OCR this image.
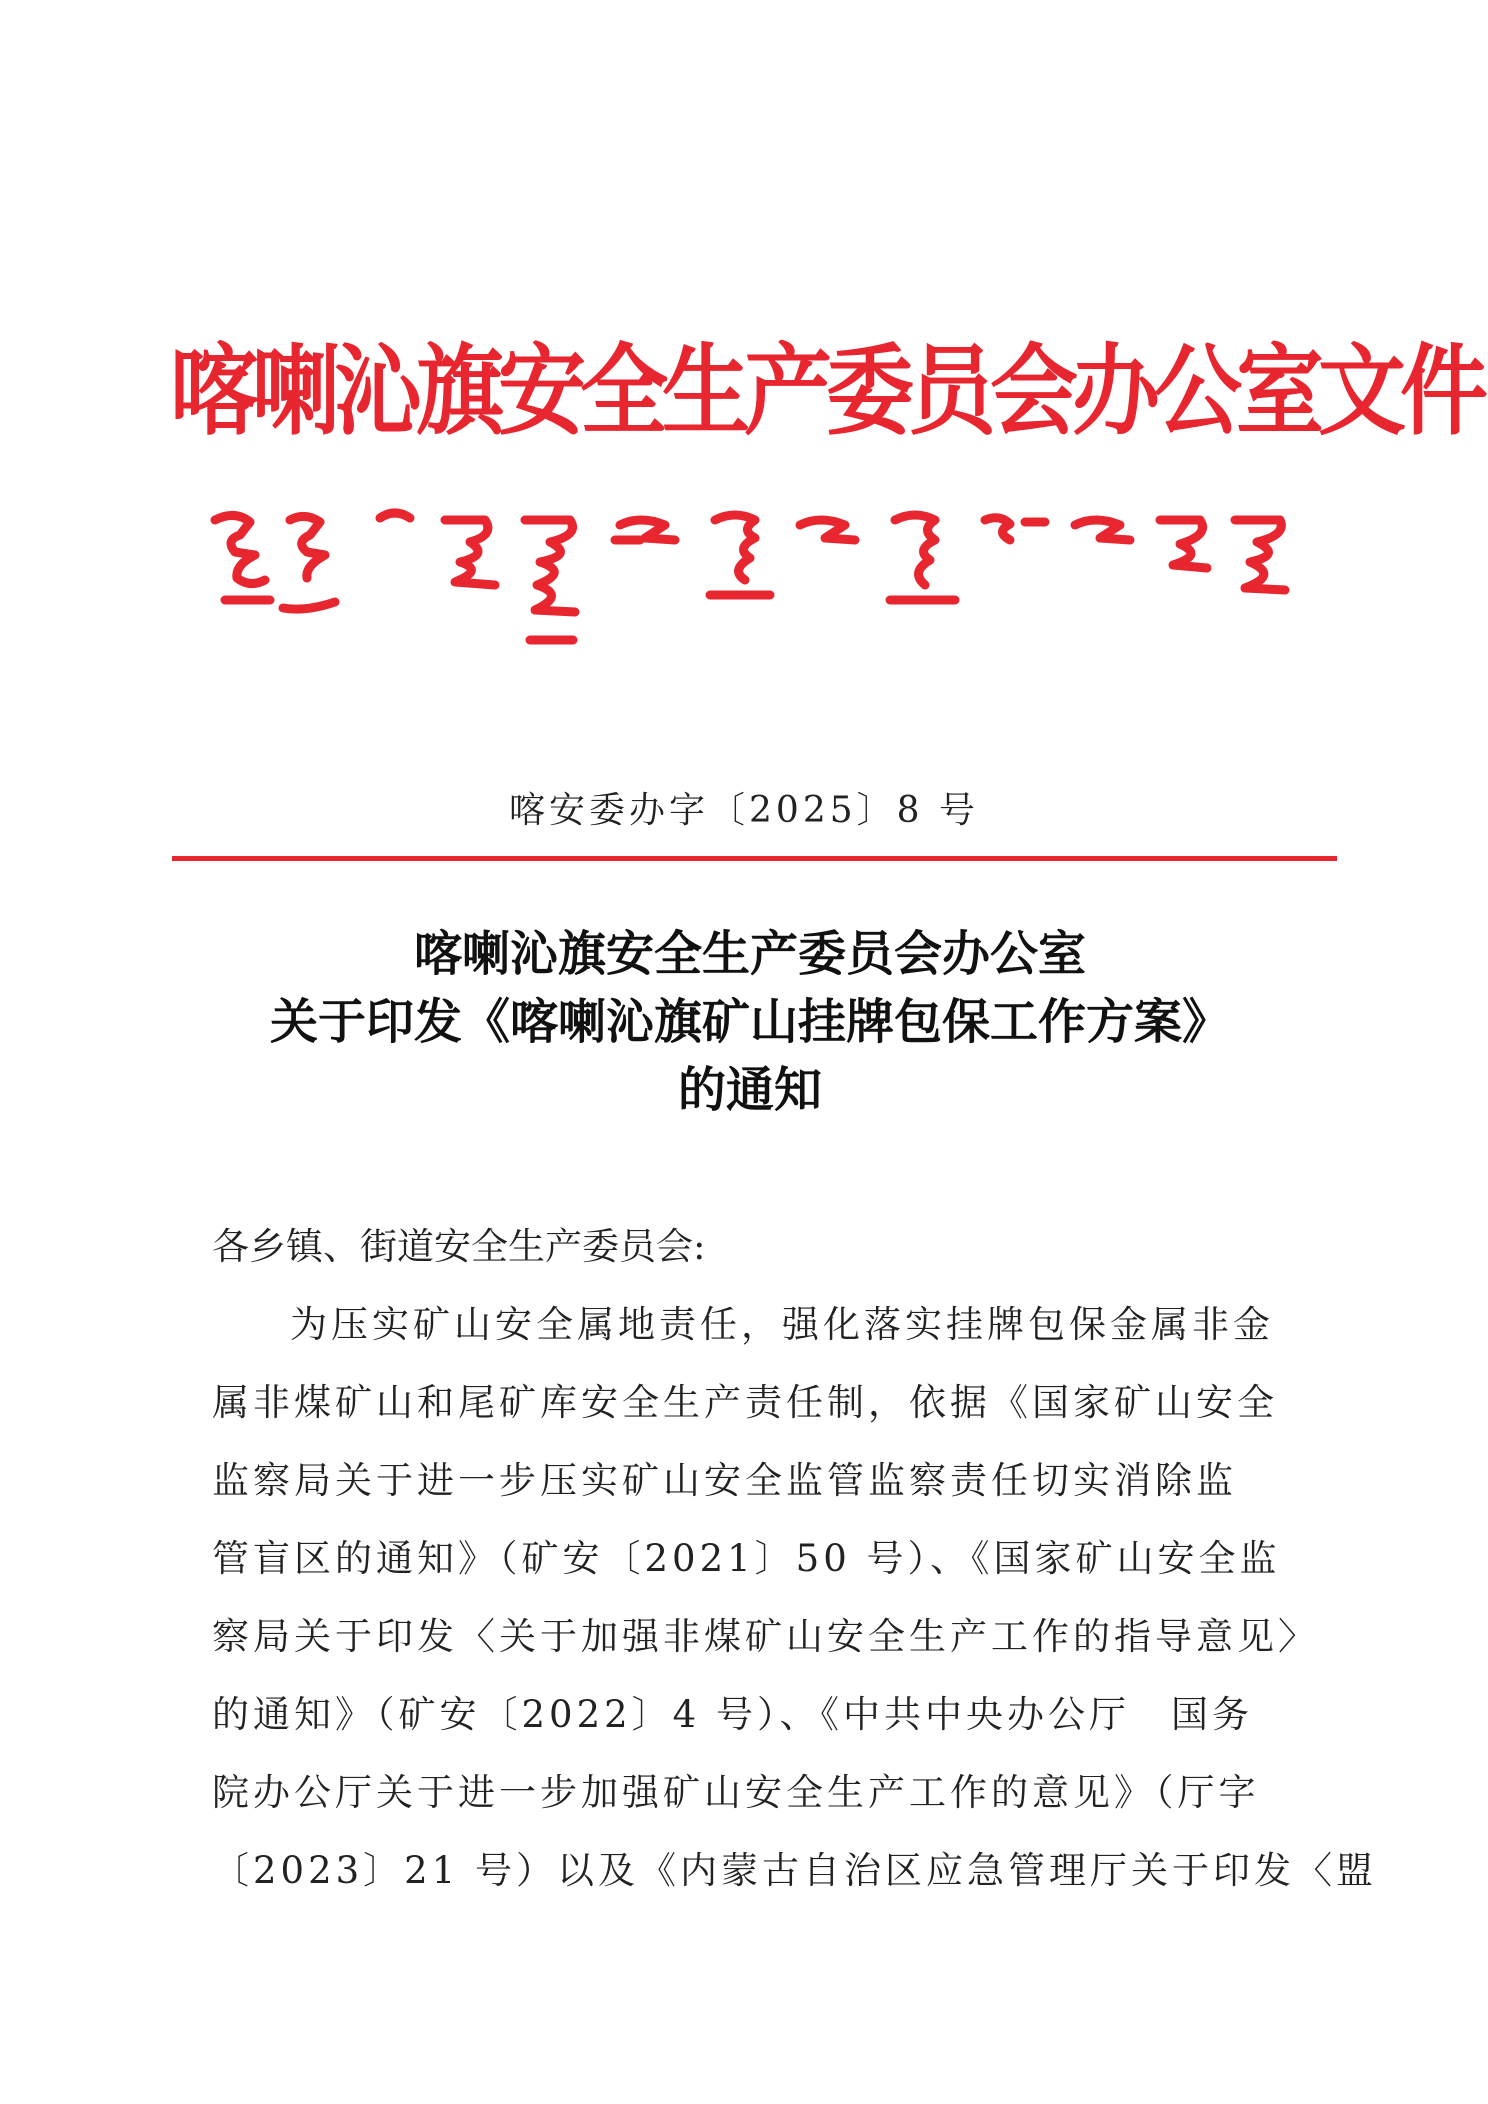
喀喇沁旗安全生产委员会办公室文件
喀安委办字〔2025〕8 号
喀喇沁旗安全生产委员会办公室
关于印发《喀喇沁旗矿山挂牌包保工作方案》
的通知
各乡镇、街道安全生产委员会:
为压实矿山安全属地责任，强化落实挂牌包保金属非金
属非煤矿山和尾矿库安全生产责任制，依据《国家矿山安全
监察局关于进一步压实矿山安全监管监察责任切实消除监
管盲区的通知》（矿安〔2021〕50 号）、《国家矿山安全监
察局关于印发〈关于加强非煤矿山安全生产工作的指导意见〉
的通知》（矿安〔2022〕4 号）、《中共中央办公厅　国务
院办公厅关于进一步加强矿山安全生产工作的意见》（厅字
〔2023〕21 号）以及《内蒙古自治区应急管理厅关于印发〈盟
